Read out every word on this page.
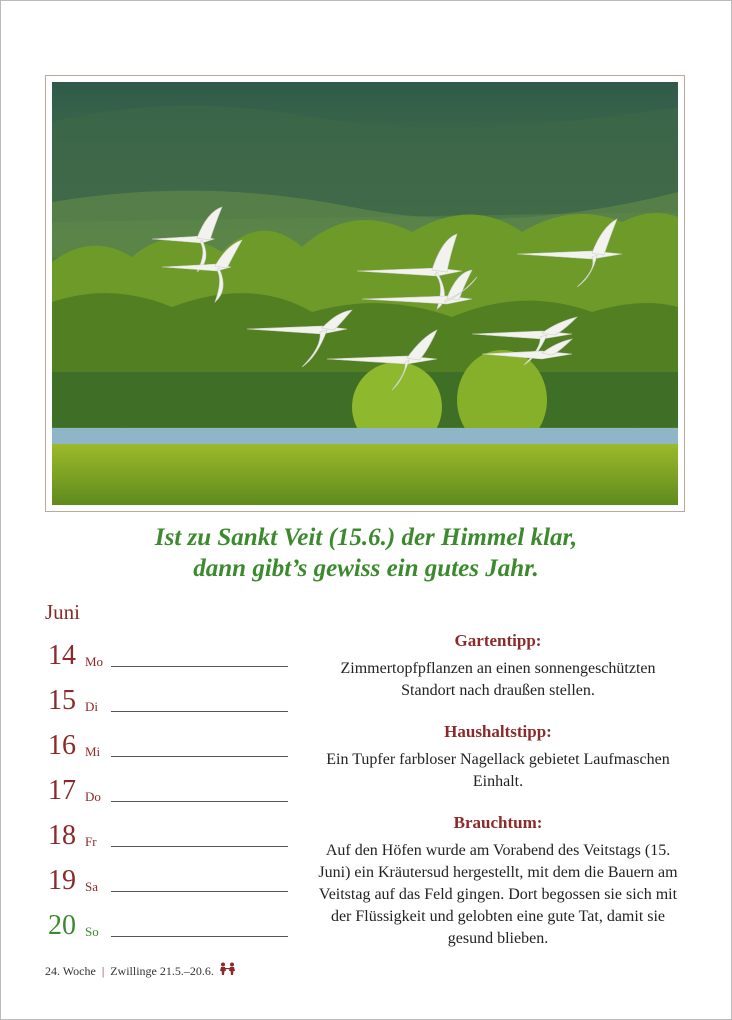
Ist zu Sankt Veit (15.6.) der Himmel klar,
dann gibt’s gewiss ein gutes Jahr.
Juni
14 Mo
15 Di
16 Mi
17 Do
18 Fr
19 Sa
20 So
Gartentipp:
Zimmertopfpflanzen an einen sonnengeschützten Standort nach draußen stellen.
Haushaltstipp:
Ein Tupfer farbloser Nagellack gebietet Laufmaschen Einhalt.
Brauchtum:
Auf den Höfen wurde am Vorabend des Veitstags (15. Juni) ein Kräutersud hergestellt, mit dem die Bauern am Veitstag auf das Feld gingen. Dort begossen sie sich mit der Flüssigkeit und gelobten eine gute Tat, damit sie gesund blieben.
24. Woche | Zwillinge 21.5.–20.6.
